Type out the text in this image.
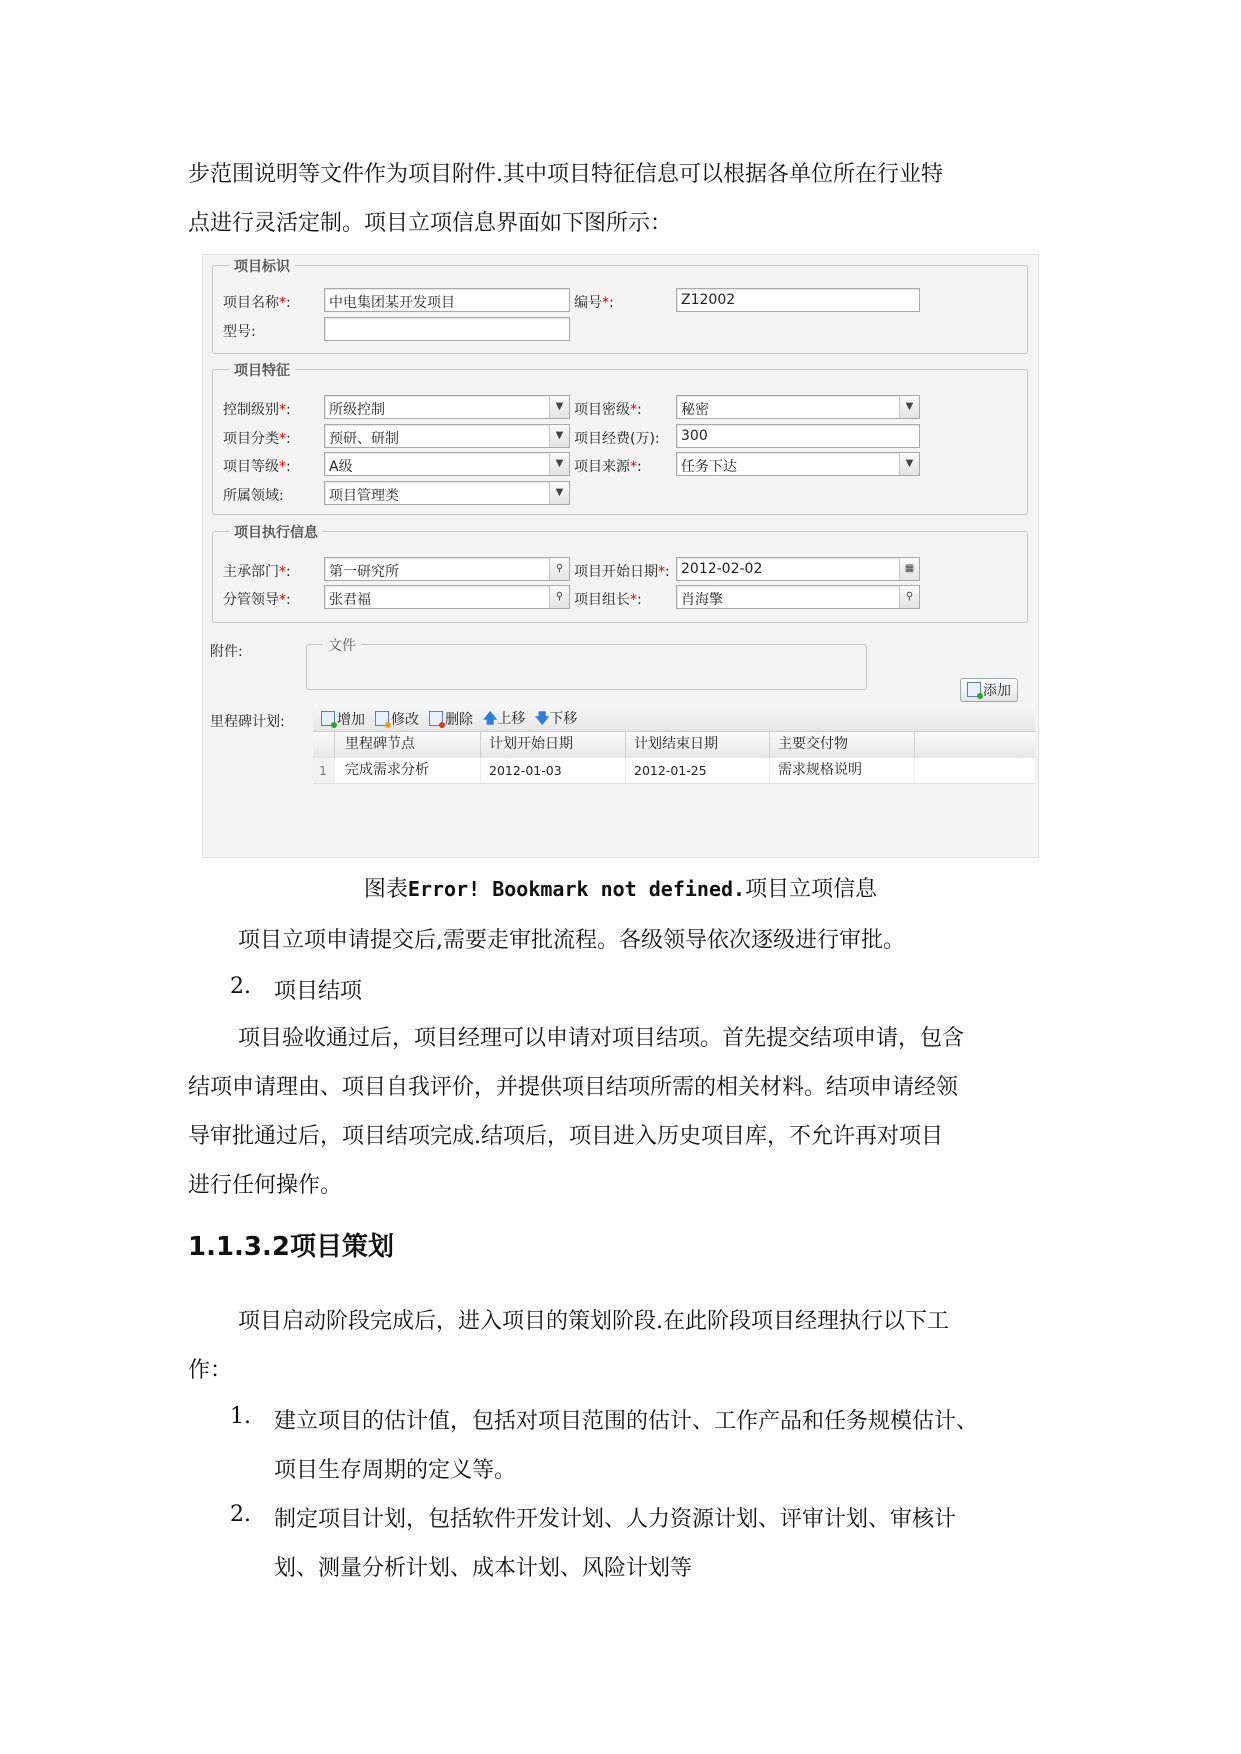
步范围说明等文件作为项目附件.其中项目特征信息可以根据各单位所在行业特
点进行灵活定制。项目立项信息界面如下图所示：
项目标识
项目名称*:	中电集团某开发项目	编号*:	Z12002
型号:
项目特征
控制级别*:	所级控制	▼ 项目密级*:	秘密	▼
项目分类*:	预研、研制	▼ 项目经费(万):	300
项目等级*:	A级	▼ 项目来源*:	任务下达	▼
所属领域:	项目管理类	▼
项目执行信息
主承部门*:	第一研究所	⚲ 项目开始日期*: 2012-02-02	▦
分管领导*:	张君福	⚲ 项目组长*:	肖海擎	⚲
附件:	文件
添加
里程碑计划:	增加	修改	删除 🡅上移 🡇下移
里程碑节点	计划开始日期	计划结束日期	主要交付物
1	完成需求分析	2012-01-03	2012-01-25	需求规格说明
图表Error! Bookmark not defined.项目立项信息
项目立项申请提交后,需要走审批流程。各级领导依次逐级进行审批。
2. 项目结项
项目验收通过后，项目经理可以申请对项目结项。首先提交结项申请，包含
结项申请理由、项目自我评价，并提供项目结项所需的相关材料。结项申请经领
导审批通过后，项目结项完成.结项后，项目进入历史项目库，不允许再对项目
进行任何操作。
1.1.3.2项目策划
项目启动阶段完成后，进入项目的策划阶段.在此阶段项目经理执行以下工
作：
1. 建立项目的估计值，包括对项目范围的估计、工作产品和任务规模估计、
项目生存周期的定义等。
2. 制定项目计划，包括软件开发计划、人力资源计划、评审计划、审核计
划、测量分析计划、成本计划、风险计划等
